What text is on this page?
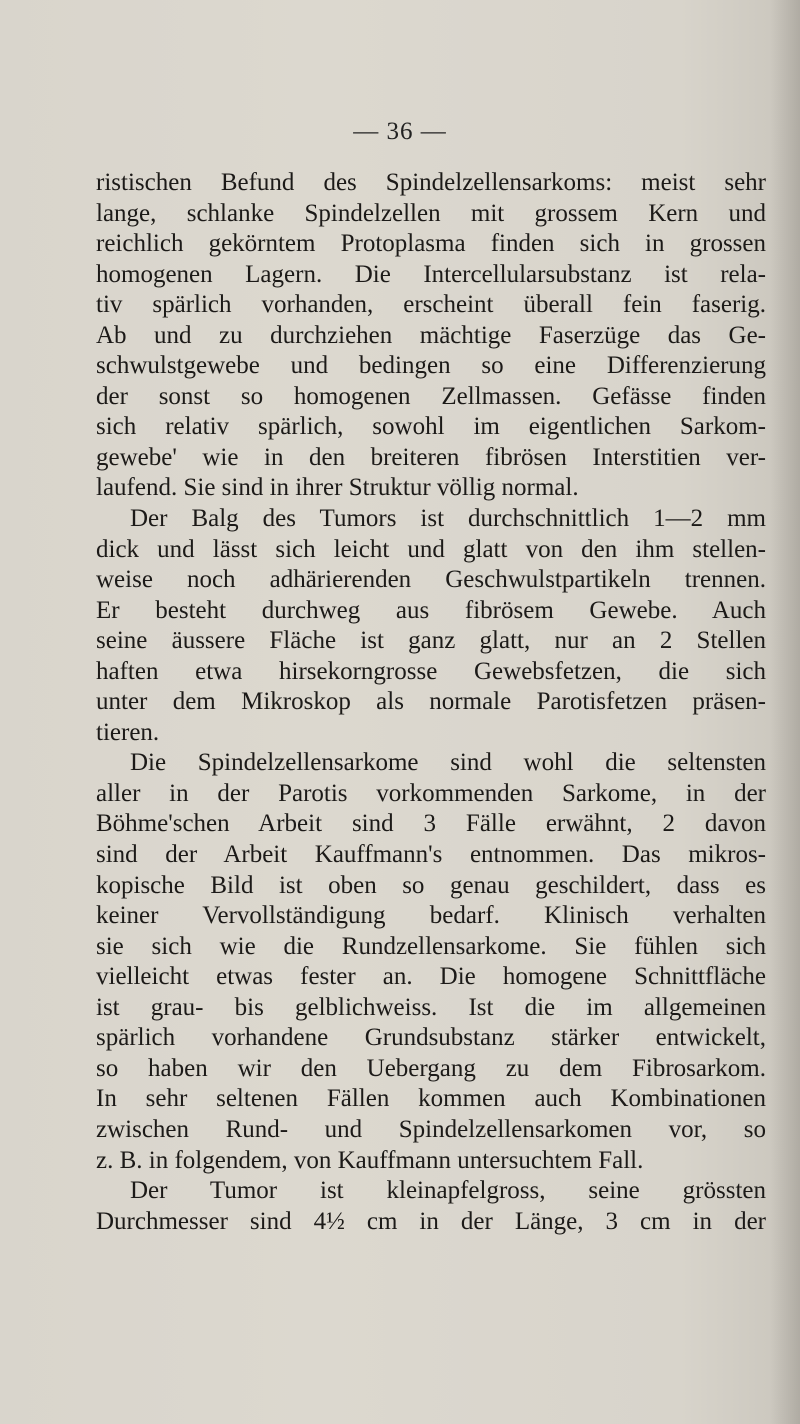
— 36 —
ristischen Befund des Spindelzellensarkoms: meist sehr
lange, schlanke Spindelzellen mit grossem Kern und
reichlich gekörntem Protoplasma finden sich in grossen
homogenen Lagern. Die Intercellularsubstanz ist rela-
tiv spärlich vorhanden, erscheint überall fein faserig.
Ab und zu durchziehen mächtige Faserzüge das Ge-
schwulstgewebe und bedingen so eine Differenzierung
der sonst so homogenen Zellmassen. Gefässe finden
sich relativ spärlich, sowohl im eigentlichen Sarkom-
gewebe' wie in den breiteren fibrösen Interstitien ver-
laufend. Sie sind in ihrer Struktur völlig normal.
Der Balg des Tumors ist durchschnittlich 1—2 mm
dick und lässt sich leicht und glatt von den ihm stellen-
weise noch adhärierenden Geschwulstpartikeln trennen.
Er besteht durchweg aus fibrösem Gewebe. Auch
seine äussere Fläche ist ganz glatt, nur an 2 Stellen
haften etwa hirsekorngrosse Gewebsfetzen, die sich
unter dem Mikroskop als normale Parotisfetzen präsen-
tieren.
Die Spindelzellensarkome sind wohl die seltensten
aller in der Parotis vorkommenden Sarkome, in der
Böhme'schen Arbeit sind 3 Fälle erwähnt, 2 davon
sind der Arbeit Kauffmann's entnommen. Das mikros-
kopische Bild ist oben so genau geschildert, dass es
keiner Vervollständigung bedarf. Klinisch verhalten
sie sich wie die Rundzellensarkome. Sie fühlen sich
vielleicht etwas fester an. Die homogene Schnittfläche
ist grau- bis gelblichweiss. Ist die im allgemeinen
spärlich vorhandene Grundsubstanz stärker entwickelt,
so haben wir den Uebergang zu dem Fibrosarkom.
In sehr seltenen Fällen kommen auch Kombinationen
zwischen Rund- und Spindelzellensarkomen vor, so
z. B. in folgendem, von Kauffmann untersuchtem Fall.
Der Tumor ist kleinapfelgross, seine grössten
Durchmesser sind 4½ cm in der Länge, 3 cm in der
